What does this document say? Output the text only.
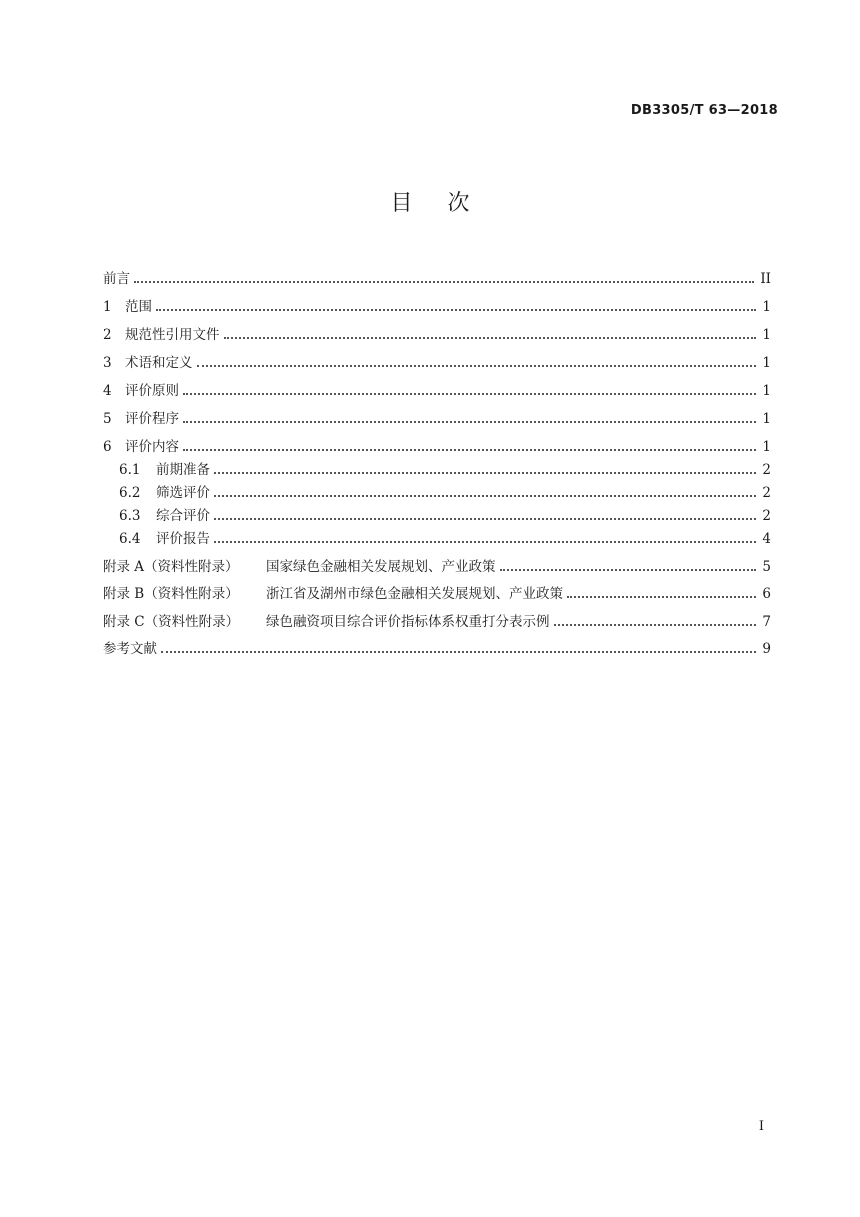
DB3305/T 63—2018
目 次
前言	II
1 范围	1
2 规范性引用文件	1
3 术语和定义	1
4 评价原则	1
5 评价程序	1
6 评价内容	1
6.1	前期准备	2
6.2	筛选评价	2
6.3	综合评价	2
6.4	评价报告	4
附录 A（资料性附录）	国家绿色金融相关发展规划、产业政策	5
附录 B（资料性附录）	浙江省及湖州市绿色金融相关发展规划、产业政策	6
附录 C（资料性附录）	绿色融资项目综合评价指标体系权重打分表示例	7
参考文献	9
I
